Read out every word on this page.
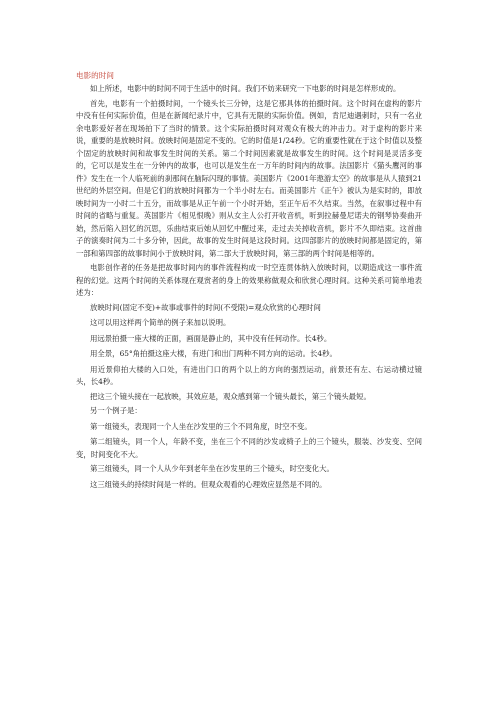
电影的时间

如上所述，电影中的时间不同于生活中的时间。我们不妨来研究一下电影的时间是怎样形成的。

首先，电影有一个拍摄时间，一个镜头长三分钟，这是它那具体的拍摄时间。这个时间在虚构的影片中没有任何实际价值，但是在新闻纪录片中，它具有无限的实际价值。例如，肯尼迪遇刺时，只有一名业余电影爱好者在现场拍下了当时的情景。这个实际拍摄时间对观众有极大的冲击力。对于虚构的影片来说，重要的是放映时间。放映时间是固定不变的。它的时值是1/24秒。它的重要性就在于这个时值以及整个固定的放映时间和故事发生时间的关系。第二个时间因素就是故事发生的时间。这个时间是灵活多变的，它可以是发生在一分钟内的故事，也可以是发生在一万年的时间内的故事。法国影片《猫头鹰河的事件》发生在一个人临死前的刹那间在脑际闪现的事情。美国影片《2001年遨游太空》的故事是从人猿到21世纪的外层空间。但是它们的放映时间都为一个半小时左右。而美国影片《正午》被认为是实时的，即放映时间为一小时二十五分，而故事是从正午前一个小时开始，至正午后不久结束。当然，在叙事过程中有时间的省略与重复。英国影片《相见恨晚》则从女主人公打开收音机，听到拉赫曼尼诺夫的钢琴协奏曲开始，然后陷入回忆的沉思，乐曲结束后她从回忆中醒过来，走过去关掉收音机，影片不久即结束。这首曲子的演奏时间为二十多分钟，因此，故事的发生时间是这段时间。这四部影片的放映时间都是固定的，第一部和第四部的故事时间小于放映时间，第二部大于放映时间，第三部的两个时间是相等的。

电影创作者的任务是把故事时间内的事件流程构成一时空连贯体纳入放映时间，以期造成这一事件流程的幻觉。这两个时间的关系体现在观赏者的身上的效果称做观众和欣赏心理时间。这种关系可简单地表述为：

放映时间(固定不变)+故事或事件的时间(不受限)=观众欣赏的心理时间

这可以用这样两个简单的例子来加以说明。

用远景拍摄一座大楼的正面，画面是静止的，其中没有任何动作。长4秒。

用全景，65°角拍摄这座大楼，有进门和出门两种不同方向的运动。长4秒。

用近景仰拍大楼的入口处，有进出门口的两个以上的方向的强烈运动，前景还有左、右运动横过镜头，长4秒。

把这三个镜头接在一起放映，其效应是，观众感到第一个镜头最长，第三个镜头最短。

另一个例子是：

第一组镜头，表现同一个人坐在沙发里的三个不同角度，时空不变。

第二组镜头，同一个人，年龄不变，坐在三个不同的沙发或椅子上的三个镜头，服装、沙发变、空间变，时间变化不大。

第三组镜头，同一个人从少年到老年坐在沙发里的三个镜头，时空变化大。

这三组镜头的持续时间是一样的。但观众观看的心理效应显然是不同的。
